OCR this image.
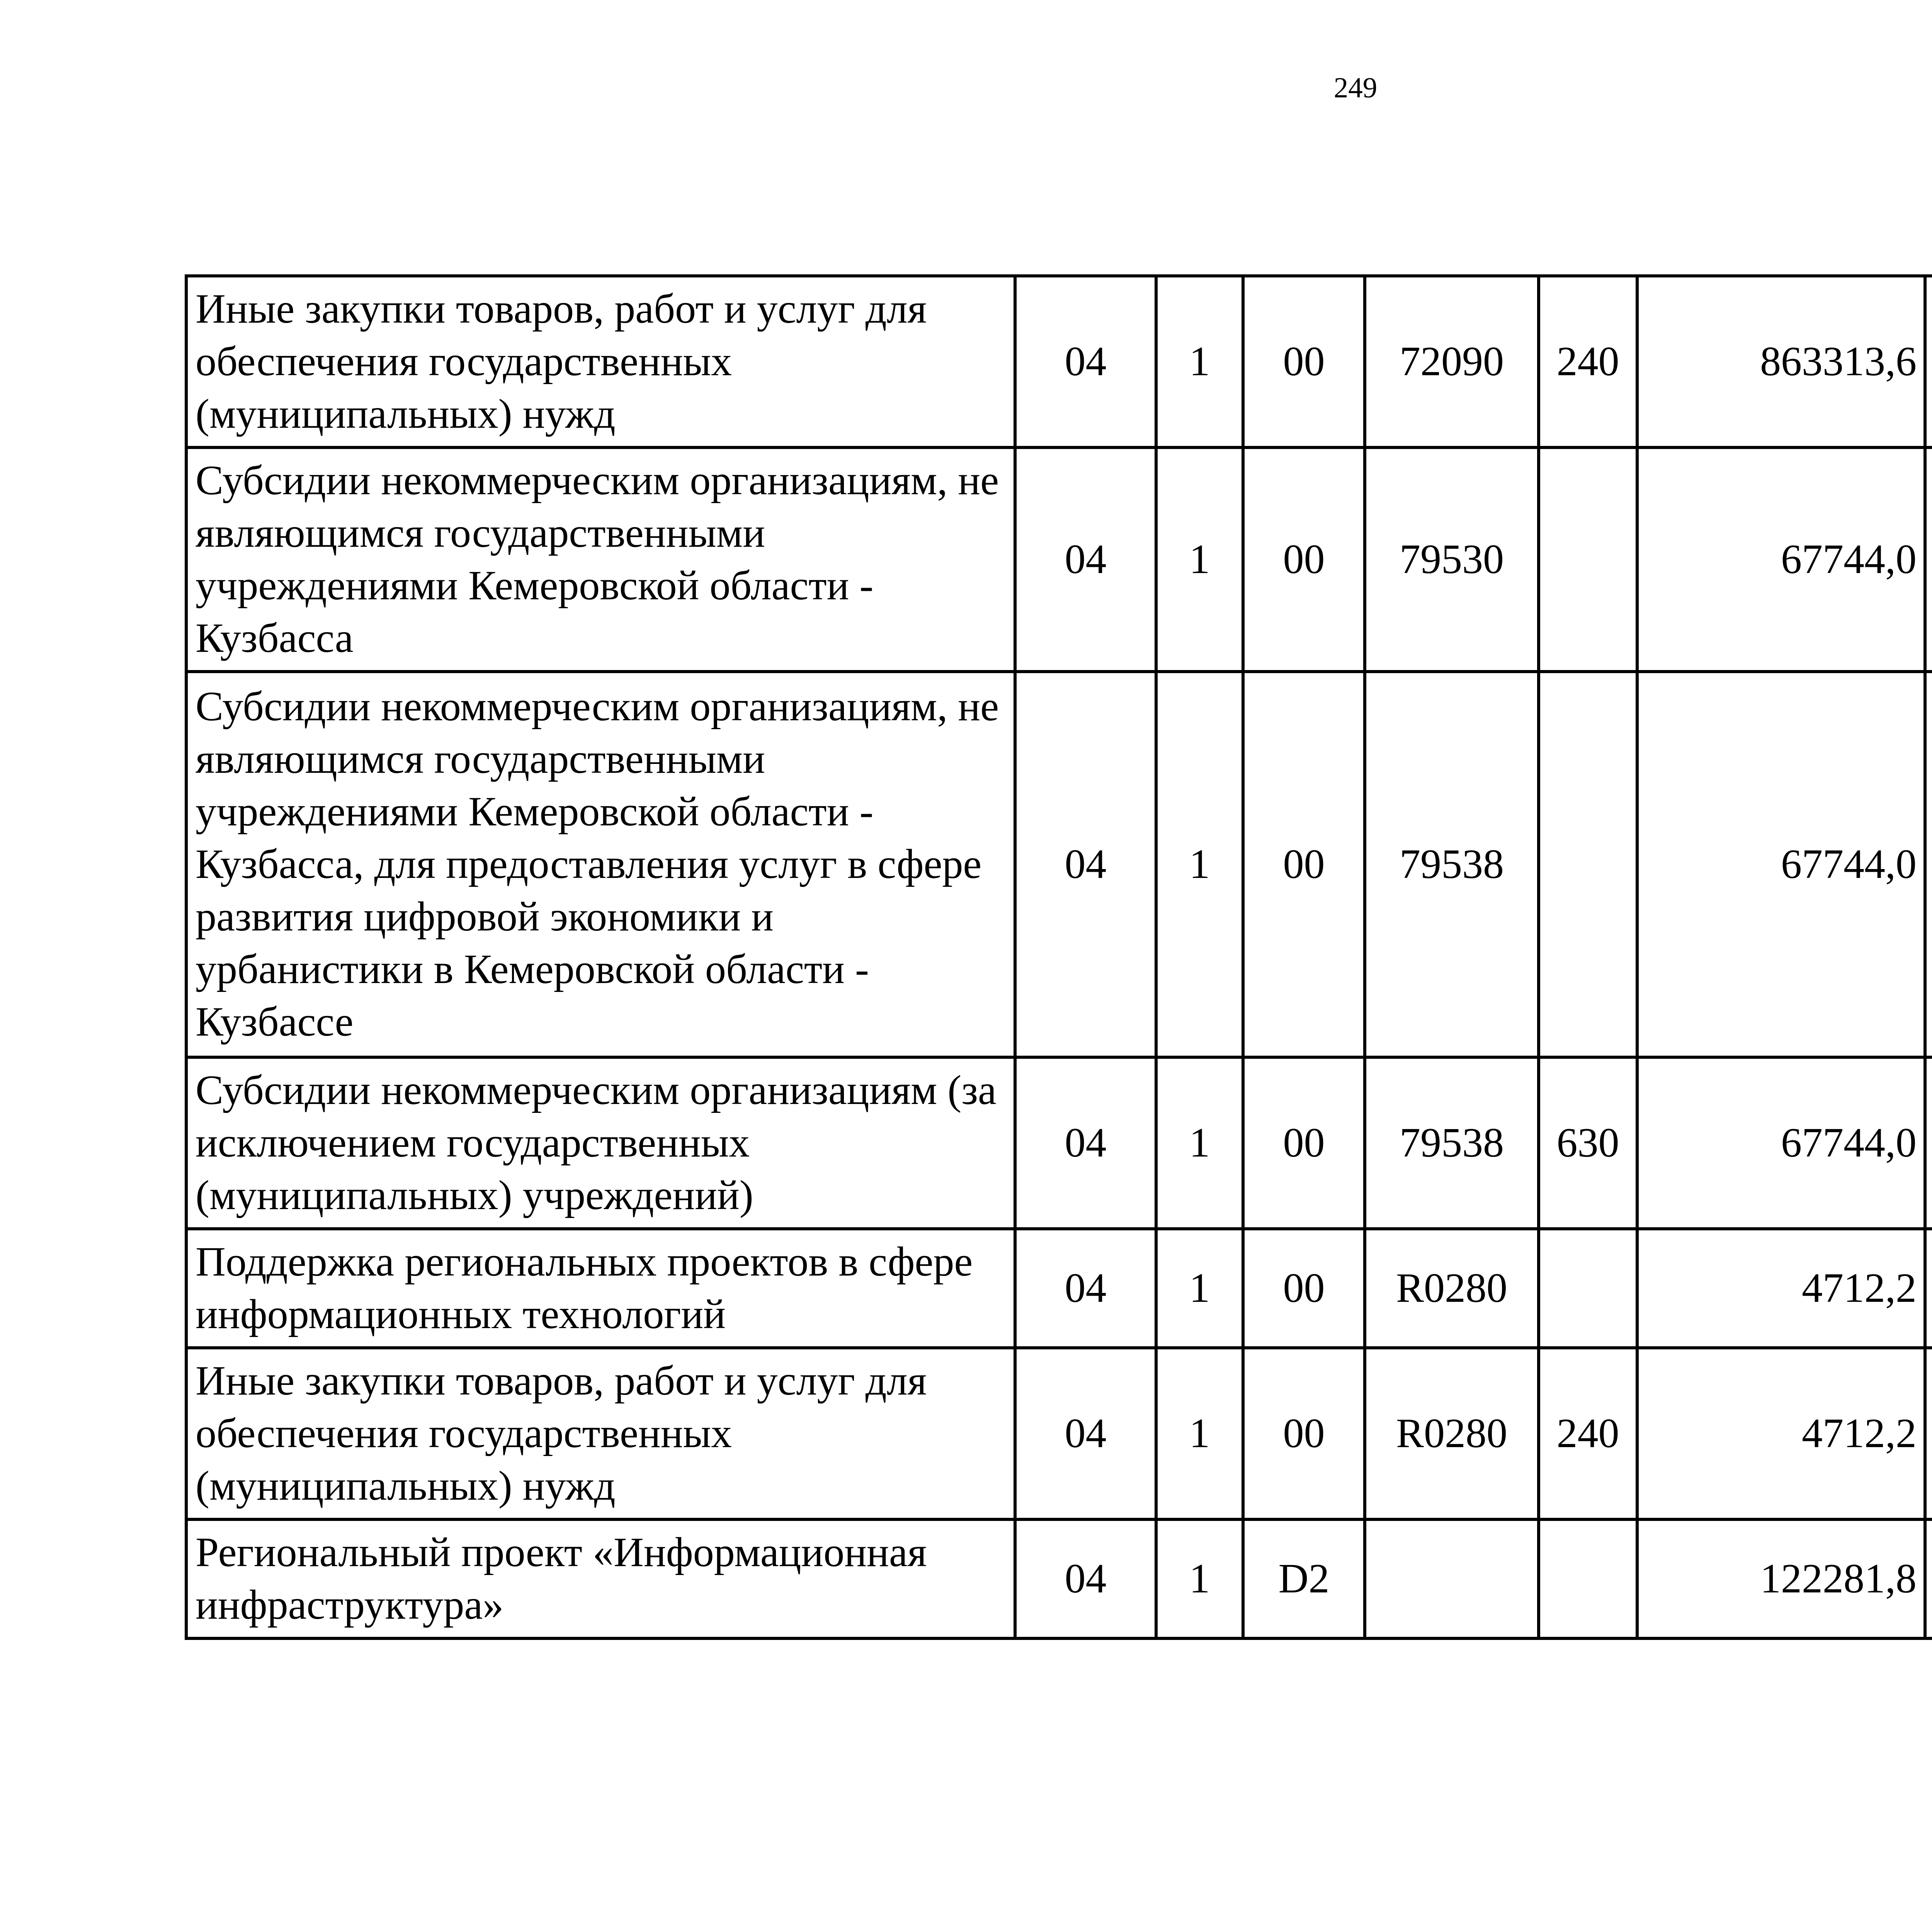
249
Иные закупки товаров, работ и услуг для обеспечения государственных (муниципальных) нужд	04	1	00	72090	240	863313,6		
Субсидии некоммерческим организациям, не являющимся государственными учреждениями Кемеровской области - Кузбасса	04	1	00	79530		67744,0		
Субсидии некоммерческим организациям, не являющимся государственными учреждениями Кемеровской области - Кузбасса, для предоставления услуг в сфере развития цифровой экономики и урбанистики в Кемеровской области - Кузбассе	04	1	00	79538		67744,0		
Субсидии некоммерческим организациям (за исключением государственных (муниципальных) учреждений)	04	1	00	79538	630	67744,0		
Поддержка региональных проектов в сфере информационных технологий	04	1	00	R0280		4712,2		
Иные закупки товаров, работ и услуг для обеспечения государственных (муниципальных) нужд	04	1	00	R0280	240	4712,2		
Региональный проект «Информационная инфраструктура»	04	1	D2			122281,8		
